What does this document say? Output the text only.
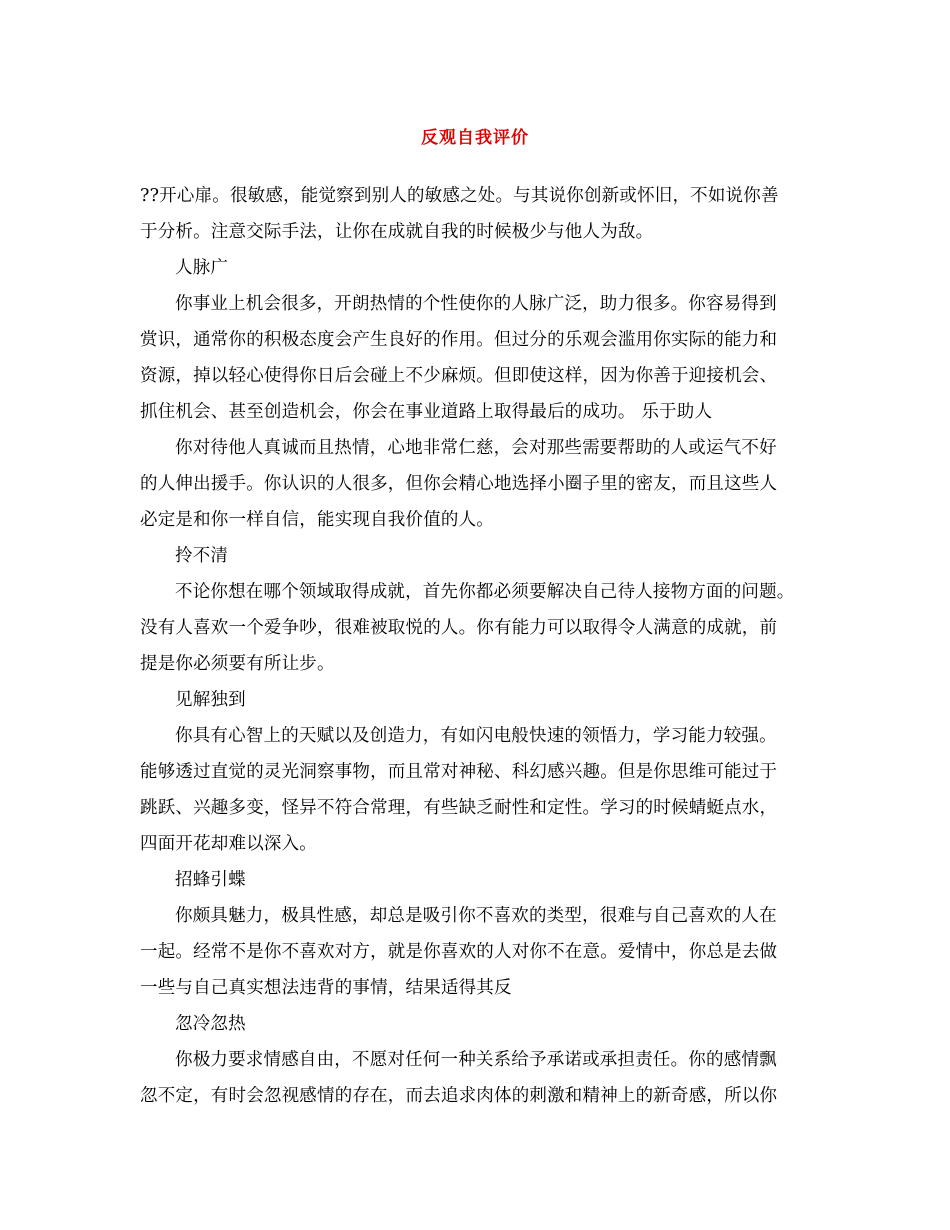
反观自我评价
??开心扉。很敏感，能觉察到别人的敏感之处。与其说你创新或怀旧，不如说你善
于分析。注意交际手法，让你在成就自我的时候极少与他人为敌。
人脉广
你事业上机会很多，开朗热情的个性使你的人脉广泛，助力很多。你容易得到
赏识，通常你的积极态度会产生良好的作用。但过分的乐观会滥用你实际的能力和
资源，掉以轻心使得你日后会碰上不少麻烦。但即使这样，因为你善于迎接机会、
抓住机会、甚至创造机会，你会在事业道路上取得最后的成功。 乐于助人
你对待他人真诚而且热情，心地非常仁慈，会对那些需要帮助的人或运气不好
的人伸出援手。你认识的人很多，但你会精心地选择小圈子里的密友，而且这些人
必定是和你一样自信，能实现自我价值的人。
拎不清
不论你想在哪个领域取得成就，首先你都必须要解决自己待人接物方面的问题。
没有人喜欢一个爱争吵，很难被取悦的人。你有能力可以取得令人满意的成就，前
提是你必须要有所让步。
见解独到
你具有心智上的天赋以及创造力，有如闪电般快速的领悟力，学习能力较强。
能够透过直觉的灵光洞察事物，而且常对神秘、科幻感兴趣。但是你思维可能过于
跳跃、兴趣多变，怪异不符合常理，有些缺乏耐性和定性。学习的时候蜻蜓点水，
四面开花却难以深入。
招蜂引蝶
你颇具魅力，极具性感，却总是吸引你不喜欢的类型，很难与自己喜欢的人在
一起。经常不是你不喜欢对方，就是你喜欢的人对你不在意。爱情中，你总是去做
一些与自己真实想法违背的事情，结果适得其反
忽冷忽热
你极力要求情感自由，不愿对任何一种关系给予承诺或承担责任。你的感情飘
忽不定，有时会忽视感情的存在，而去追求肉体的刺激和精神上的新奇感，所以你
